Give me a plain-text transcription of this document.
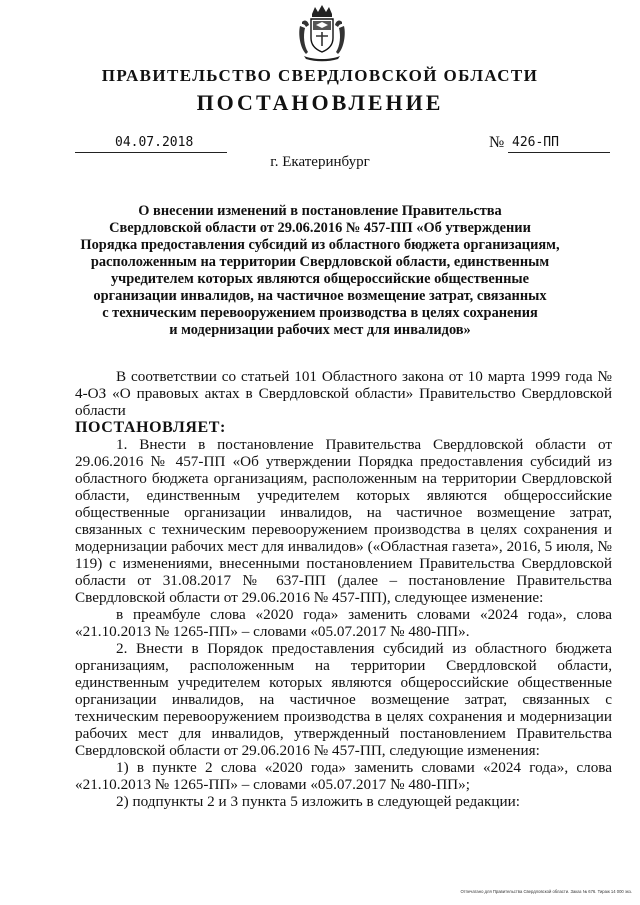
ПРАВИТЕЛЬСТВО СВЕРДЛОВСКОЙ ОБЛАСТИ
ПОСТАНОВЛЕНИЕ
04.07.2018	№ 426-ПП
г. Екатеринбург
О внесении изменений в постановление Правительства
Свердловской области от 29.06.2016 № 457-ПП «Об утверждении
Порядка предоставления субсидий из областного бюджета организациям,
расположенным на территории Свердловской области, единственным
учредителем которых являются общероссийские общественные
организации инвалидов, на частичное возмещение затрат, связанных
с техническим перевооружением производства в целях сохранения
и модернизации рабочих мест для инвалидов»

В соответствии со статьей 101 Областного закона от 10 марта 1999 года № 4-ОЗ «О правовых актах в Свердловской области» Правительство Свердловской области

ПОСТАНОВЛЯЕТ:

1. Внести в постановление Правительства Свердловской области от 29.06.2016 № 457-ПП «Об утверждении Порядка предоставления субсидий из областного бюджета организациям, расположенным на территории Свердловской области, единственным учредителем которых являются общероссийские общественные организации инвалидов, на частичное возмещение затрат, связанных с техническим перевооружением производства в целях сохранения и модернизации рабочих мест для инвалидов» («Областная газета», 2016, 5 июля, № 119) с изменениями, внесенными постановлением Правительства Свердловской области от 31.08.2017 № 637-ПП (далее – постановление Правительства Свердловской области от 29.06.2016 № 457-ПП), следующее изменение:

в преамбуле слова «2020 года» заменить словами «2024 года», слова «21.10.2013 № 1265-ПП» – словами «05.07.2017 № 480-ПП».

2. Внести в Порядок предоставления субсидий из областного бюджета организациям, расположенным на территории Свердловской области, единственным учредителем которых являются общероссийские общественные организации инвалидов, на частичное возмещение затрат, связанных с техническим перевооружением производства в целях сохранения и модернизации рабочих мест для инвалидов, утвержденный постановлением Правительства Свердловской области от 29.06.2016 № 457-ПП, следующие изменения:

1) в пункте 2 слова «2020 года» заменить словами «2024 года», слова «21.10.2013 № 1265-ПП» – словами «05.07.2017 № 480-ПП»;

2) подпункты 2 и 3 пункта 5 изложить в следующей редакции:

Отпечатано для Правительства Свердловской области. Заказ № 676. Тираж 14 000 экз.
